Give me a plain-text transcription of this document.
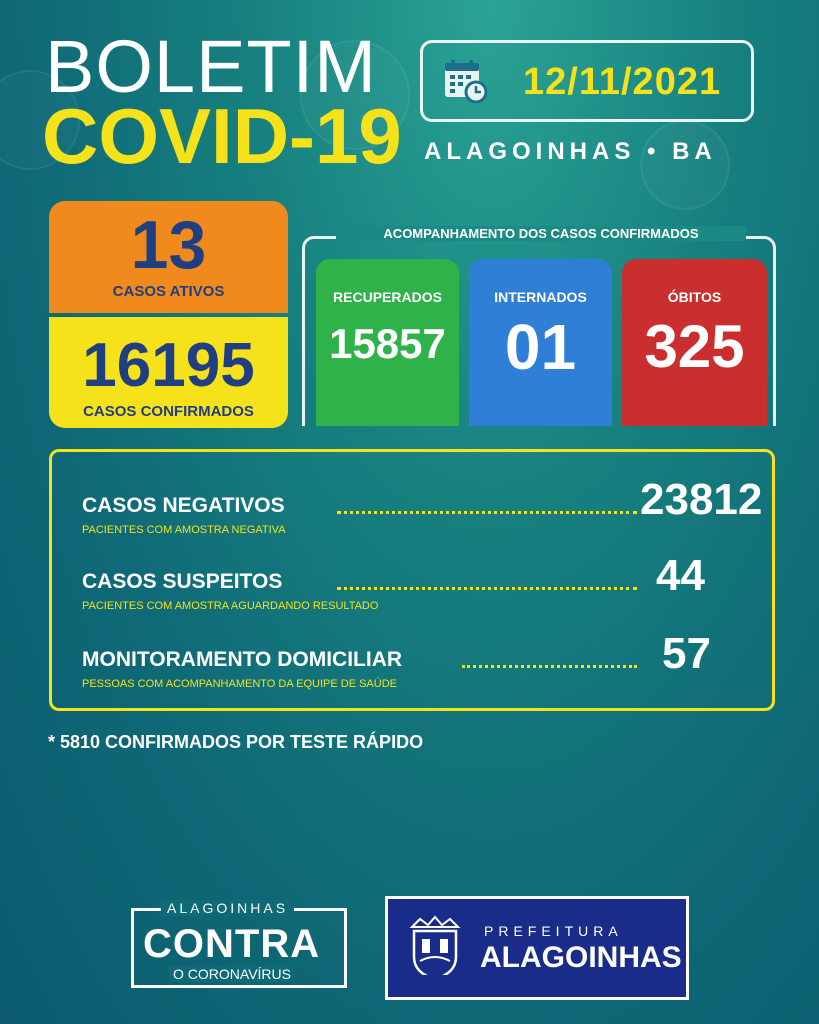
BOLETIM
COVID-19
12/11/2021
ALAGOINHAS • BA
13
CASOS ATIVOS
16195
CASOS CONFIRMADOS
ACOMPANHAMENTO DOS CASOS CONFIRMADOS
RECUPERADOS
15857
INTERNADOS
01
ÓBITOS
325
CASOS NEGATIVOS
PACIENTES COM AMOSTRA NEGATIVA
23812
CASOS SUSPEITOS
PACIENTES COM AMOSTRA AGUARDANDO RESULTADO
44
MONITORAMENTO DOMICILIAR
PESSOAS COM ACOMPANHAMENTO DA EQUIPE DE SAÚDE
57
* 5810 CONFIRMADOS POR TESTE RÁPIDO
ALAGOINHAS
CONTRA
O CORONAVÍRUS
PREFEITURA
ALAGOINHAS
